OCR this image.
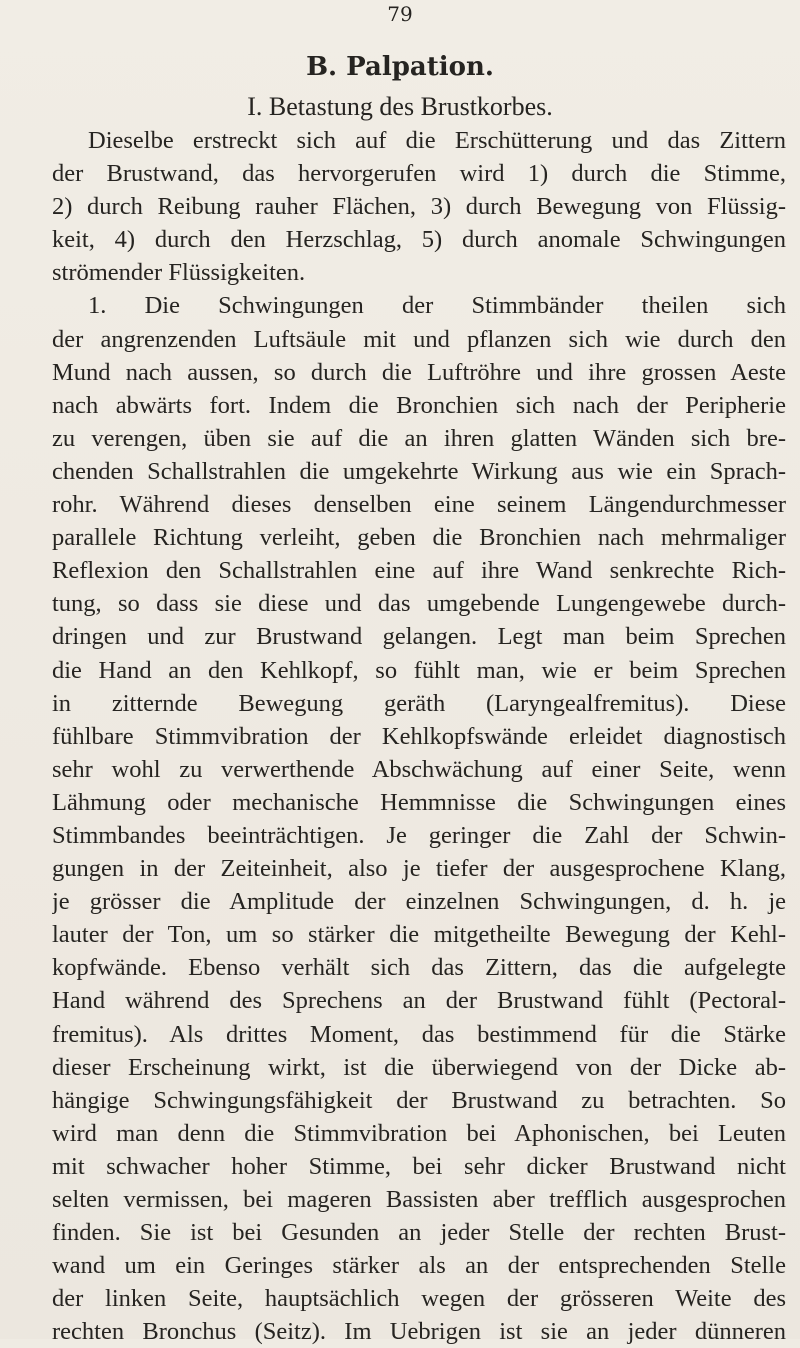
79
B. Palpation.
I. Betastung des Brustkorbes.
Dieselbe erstreckt sich auf die Erschütterung und das Zittern
der Brustwand, das hervorgerufen wird 1) durch die Stimme,
2) durch Reibung rauher Flächen, 3) durch Bewegung von Flüssig-
keit, 4) durch den Herzschlag, 5) durch anomale Schwingungen
strömender Flüssigkeiten.
1. Die Schwingungen der Stimmbänder theilen sich
der angrenzenden Luftsäule mit und pflanzen sich wie durch den
Mund nach aussen, so durch die Luftröhre und ihre grossen Aeste
nach abwärts fort. Indem die Bronchien sich nach der Peripherie
zu verengen, üben sie auf die an ihren glatten Wänden sich bre-
chenden Schallstrahlen die umgekehrte Wirkung aus wie ein Sprach-
rohr. Während dieses denselben eine seinem Längendurchmesser
parallele Richtung verleiht, geben die Bronchien nach mehrmaliger
Reflexion den Schallstrahlen eine auf ihre Wand senkrechte Rich-
tung, so dass sie diese und das umgebende Lungengewebe durch-
dringen und zur Brustwand gelangen. Legt man beim Sprechen
die Hand an den Kehlkopf, so fühlt man, wie er beim Sprechen
in zitternde Bewegung geräth (Laryngealfremitus). Diese
fühlbare Stimmvibration der Kehlkopfswände erleidet diagnostisch
sehr wohl zu verwerthende Abschwächung auf einer Seite, wenn
Lähmung oder mechanische Hemmnisse die Schwingungen eines
Stimmbandes beeinträchtigen. Je geringer die Zahl der Schwin-
gungen in der Zeiteinheit, also je tiefer der ausgesprochene Klang,
je grösser die Amplitude der einzelnen Schwingungen, d. h. je
lauter der Ton, um so stärker die mitgetheilte Bewegung der Kehl-
kopfwände. Ebenso verhält sich das Zittern, das die aufgelegte
Hand während des Sprechens an der Brustwand fühlt (Pectoral-
fremitus). Als drittes Moment, das bestimmend für die Stärke
dieser Erscheinung wirkt, ist die überwiegend von der Dicke ab-
hängige Schwingungsfähigkeit der Brustwand zu betrachten. So
wird man denn die Stimmvibration bei Aphonischen, bei Leuten
mit schwacher hoher Stimme, bei sehr dicker Brustwand nicht
selten vermissen, bei mageren Bassisten aber trefflich ausgesprochen
finden. Sie ist bei Gesunden an jeder Stelle der rechten Brust-
wand um ein Geringes stärker als an der entsprechenden Stelle
der linken Seite, hauptsächlich wegen der grösseren Weite des
rechten Bronchus (Seitz). Im Uebrigen ist sie an jeder dünneren
